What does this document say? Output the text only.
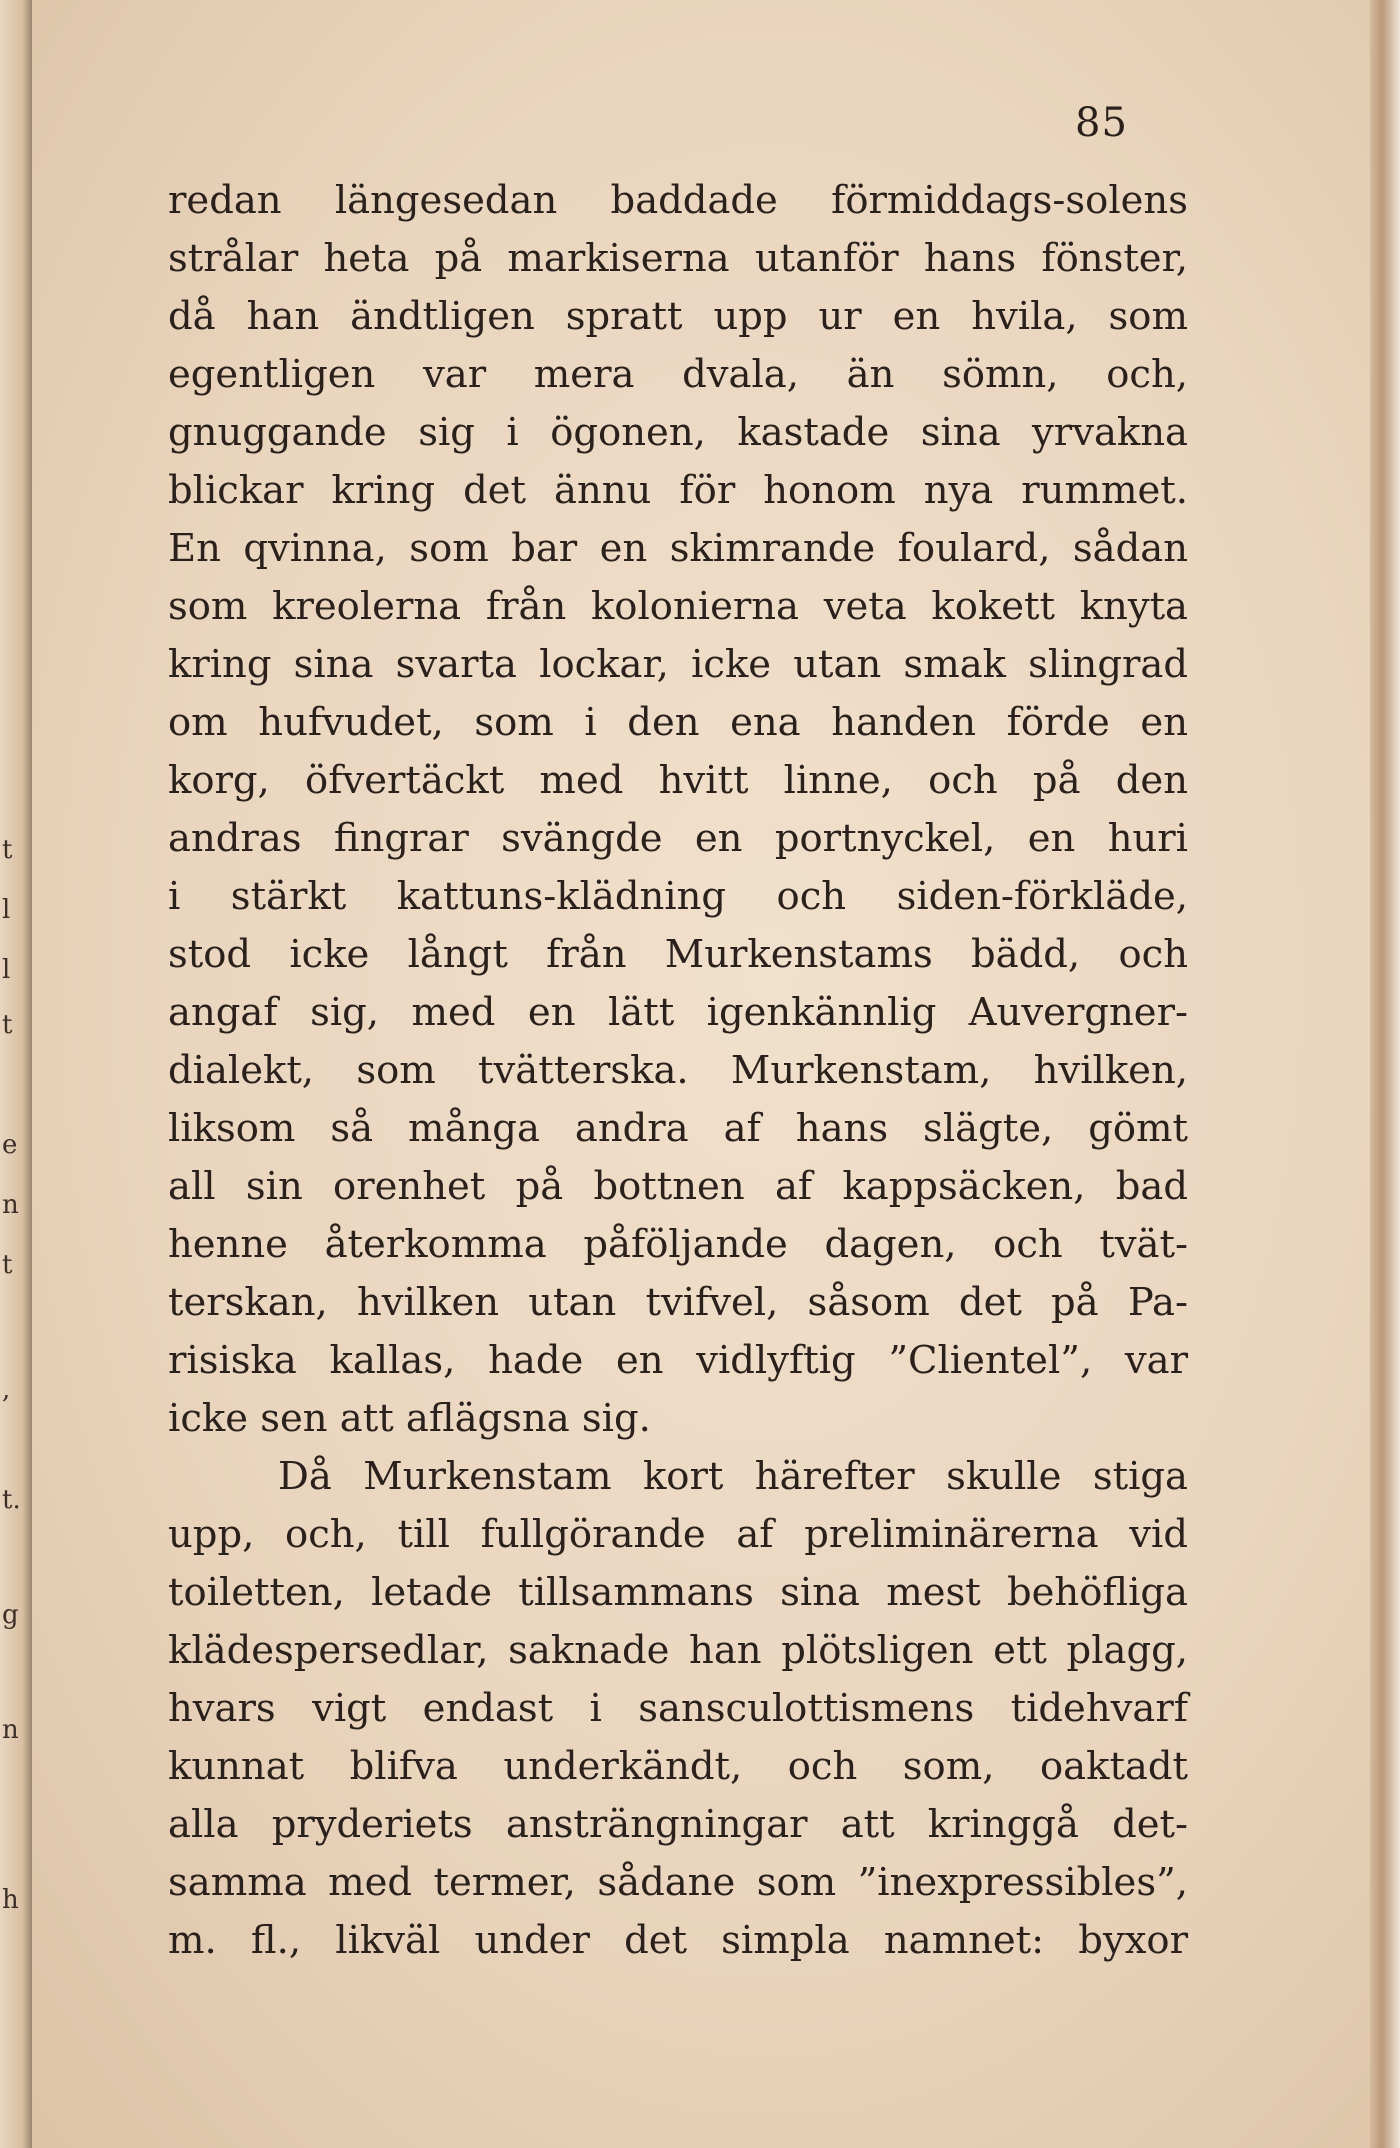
t
l
l
t
e
n
t
,
t.
g
n
h
85
redan längesedan baddade förmiddags-solens
strålar heta på markiserna utanför hans fönster,
då han ändtligen spratt upp ur en hvila, som
egentligen var mera dvala, än sömn, och,
gnuggande sig i ögonen, kastade sina yrvakna
blickar kring det ännu för honom nya rummet.
En qvinna, som bar en skimrande foulard, sådan
som kreolerna från kolonierna veta kokett knyta
kring sina svarta lockar, icke utan smak slingrad
om hufvudet, som i den ena handen förde en
korg, öfvertäckt med hvitt linne, och på den
andras fingrar svängde en portnyckel, en huri
i stärkt kattuns-klädning och siden-förkläde,
stod icke långt från Murkenstams bädd, och
angaf sig, med en lätt igenkännlig Auvergner-
dialekt, som tvätterska. Murkenstam, hvilken,
liksom så många andra af hans slägte, gömt
all sin orenhet på bottnen af kappsäcken, bad
henne återkomma påföljande dagen, och tvät-
terskan, hvilken utan tvifvel, såsom det på Pa-
risiska kallas, hade en vidlyftig ”Clientel”, var
icke sen att aflägsna sig.
Då Murkenstam kort härefter skulle stiga
upp, och, till fullgörande af preliminärerna vid
toiletten, letade tillsammans sina mest behöfliga
klädespersedlar, saknade han plötsligen ett plagg,
hvars vigt endast i sansculottismens tidehvarf
kunnat blifva underkändt, och som, oaktadt
alla pryderiets ansträngningar att kringgå det-
samma med termer, sådane som ”inexpressibles”,
m. fl., likväl under det simpla namnet: byxor
